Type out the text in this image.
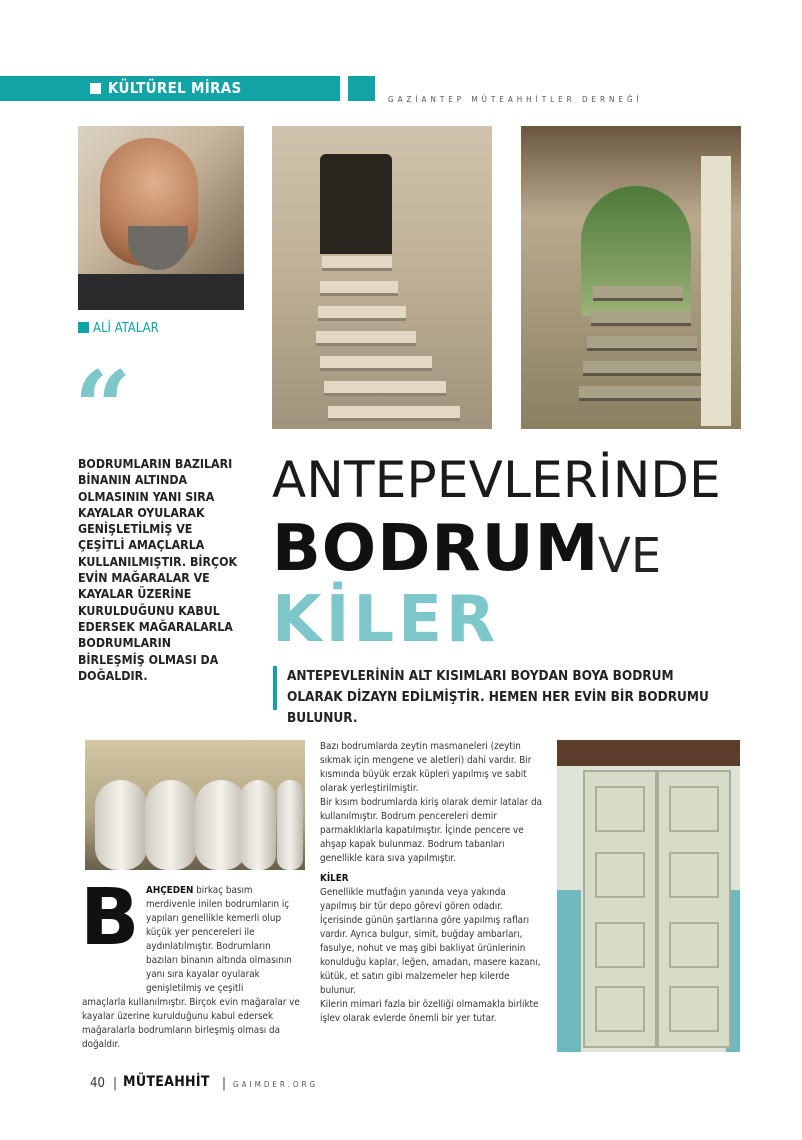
KÜLTÜREL MİRAS
GAZİANTEP MÜTEAHHİTLER DERNEĞİ
ALİ ATALAR
“
BODRUMLARIN BAZILARI BİNANIN ALTINDA OLMASININ YANI SIRA KAYALAR OYULARAK GENİŞLETİLMİŞ VE ÇEŞİTLİ AMAÇLARLA KULLANILMIŞTIR. BİRÇOK EVİN MAĞARALAR VE KAYALAR ÜZERİNE KURULDUĞUNU KABUL EDERSEK MAĞARALARLA BODRUMLARIN BİRLEŞMİŞ OLMASI DA DOĞALDIR.
ANTEPEVLERİNDE
BODRUM
VE
KİLER
ANTEPEVLERİNİN ALT KISIMLARI BOYDAN BOYA BODRUM OLARAK DİZAYN EDİLMİŞTİR. HEMEN HER EVİN BİR BODRUMU BULUNUR.
B AHÇEDEN birkaç basım merdivenle inilen bodrumların iç yapıları genellikle kemerli olup küçük yer pencereleri ile aydınlatılmıştır. Bodrumların bazıları binanın altında olmasının yanı sıra kayalar oyularak genişletilmiş ve çeşitli
amaçlarla kullanılmıştır. Birçok evin mağaralar ve kayalar üzerine kurulduğunu kabul edersek mağaralarla bodrumların birleşmiş olması da doğaldır.
Bazı bodrumlarda zeytin masmaneleri (zeytin sıkmak için mengene ve aletleri) dahi vardır. Bir kısmında büyük erzak küpleri yapılmış ve sabit olarak yerleştirilmiştir.
Bir kısım bodrumlarda kiriş olarak demir latalar da kullanılmıştır. Bodrum pencereleri demir parmaklıklarla kapatılmıştır. İçinde pencere ve ahşap kapak bulunmaz. Bodrum tabanları genellikle kara sıva yapılmıştır.
KİLER
Genellikle mutfağın yanında veya yakında yapılmış bir tür depo görevi gören odadır. İçerisinde günün şartlarına göre yapılmış rafları vardır. Ayrıca bulgur, simit, buğday ambarları, fasulye, nohut ve maş gibi bakliyat ürünlerinin konulduğu kaplar, leğen, amadan, masere kazanı, kütük, et satırı gibi malzemeler hep kilerde bulunur.
Kilerin mimari fazla bir özelliği olmamakla birlikte işlev olarak evlerde önemli bir yer tutar.
40 | MÜTEAHHİT | GAIMDER.ORG
